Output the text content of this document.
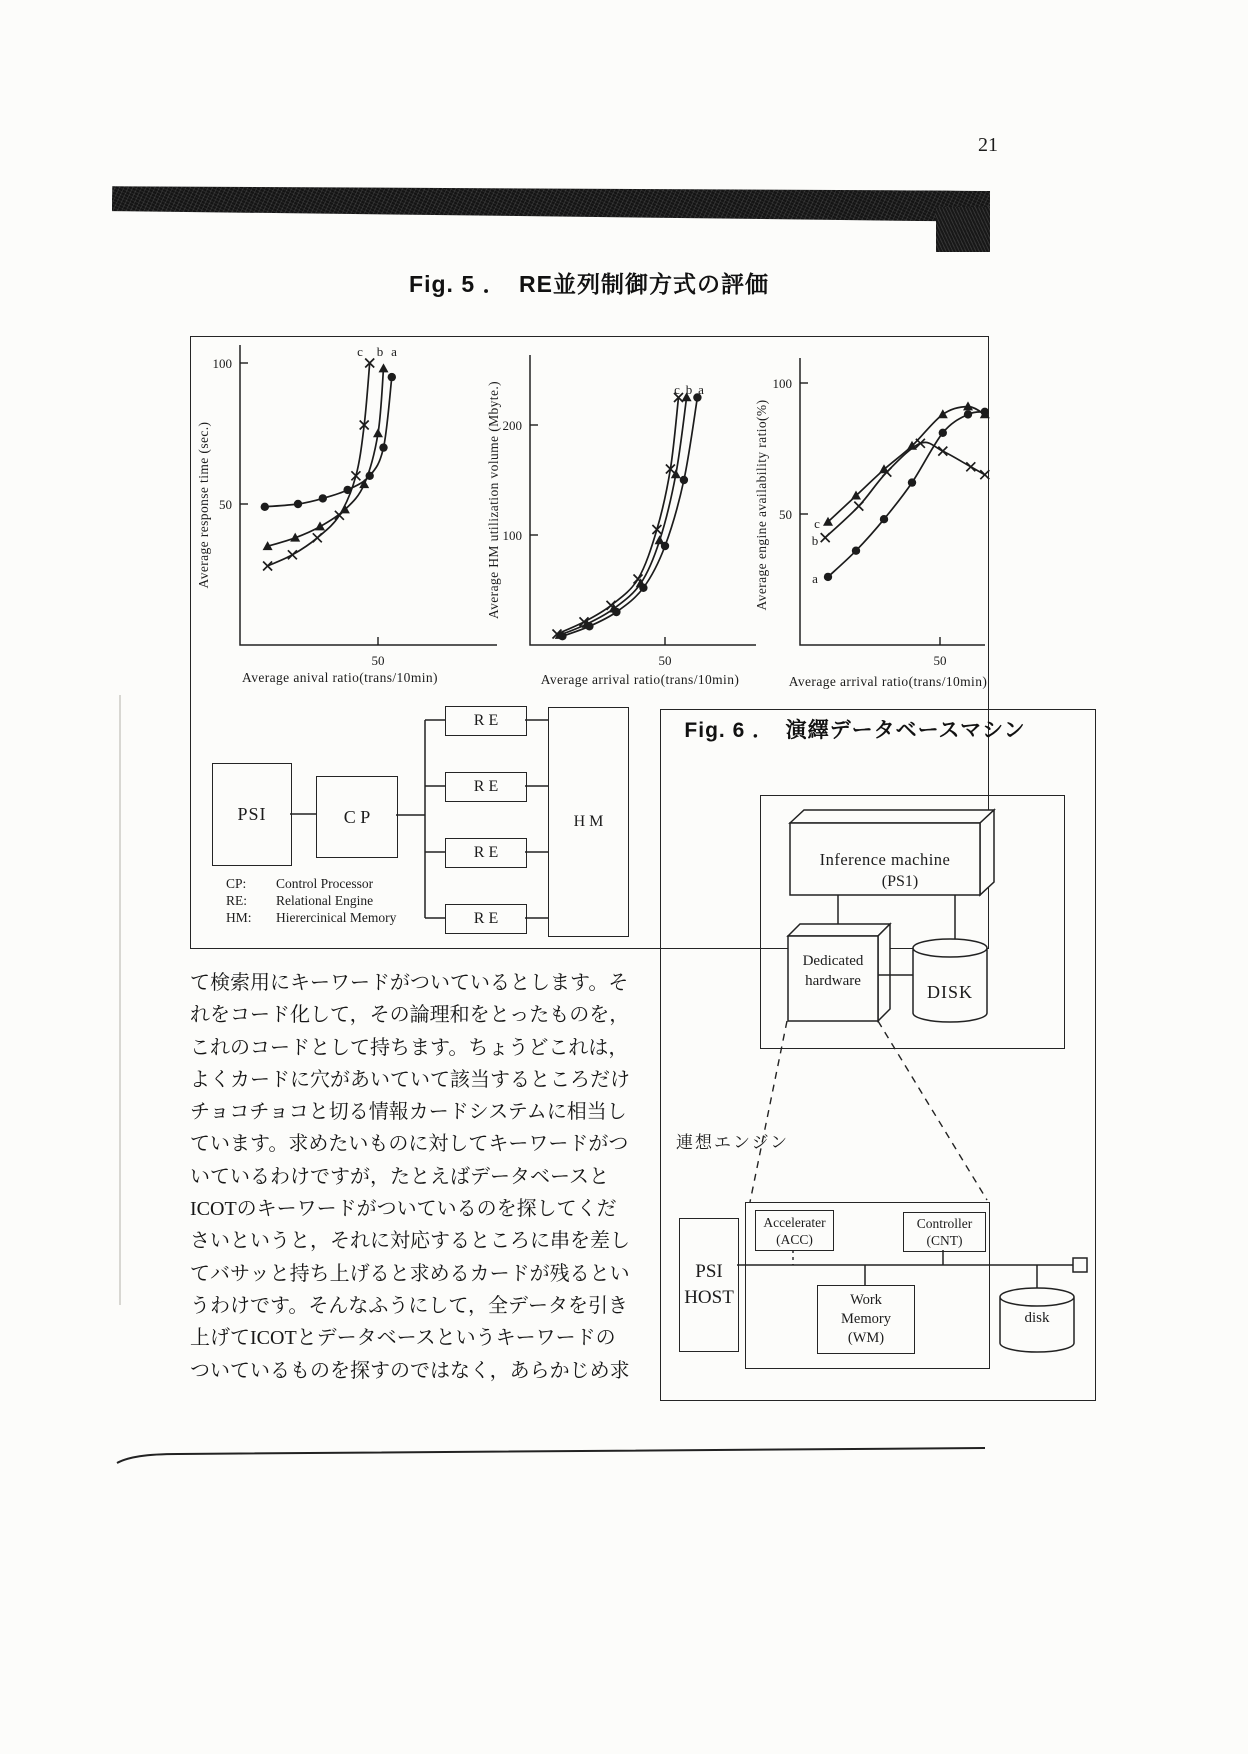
21
Fig. 5 ．　RE並列制御方式の評価
Average response time (sec.)	Average HM utilization volume (Mbyte.)	Average engine availability ratio(%)
Average anival ratio(trans/10min)	Average arrival ratio(trans/10min)	Average arrival ratio(trans/10min)
PSI	C P
R E
R E
R E
R E
H M
CP:	Control Processor
RE:	Relational Engine
HM:	Hierercinical Memory
て検索用にキーワードがついているとします。そ
れをコード化して，その論理和をとったものを，
これのコードとして持ちます。ちょうどこれは，
よくカードに穴があいていて該当するところだけ
チョコチョコと切る情報カードシステムに相当し
ています。求めたいものに対してキーワードがつ
いているわけですが，たとえばデータベースと
ICOTのキーワードがついているのを探してくだ
さいというと，それに対応するところに串を差し
てバサッと持ち上げると求めるカードが残るとい
うわけです。そんなふうにして，全データを引き
上げてICOTとデータベースというキーワードの
ついているものを探すのではなく，あらかじめ求
Fig. 6 ．　演繹データベースマシン
PSI
HOST
Accelerater
(ACC)
Controller
(CNT)
Work
Memory
(WM)
50
100
50
a
b
c
100
200
50
a
b
c
50
100
50
a
b
c
Inference machine
(PS1)
Dedicated
hardware
DISK
連想エンジン
disk
